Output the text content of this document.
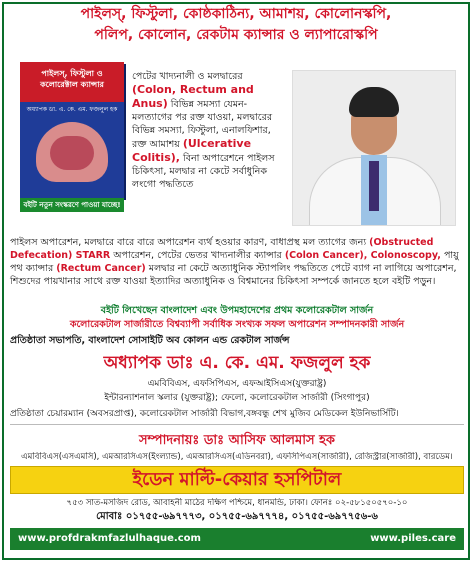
পাইলস্, ফিস্টুলা, কোষ্ঠকাঠিন্য, আমাশয়, কোলোনস্কপি,
পলিপ, কোলোন, রেকটাম ক্যান্সার ও ল্যাপারোস্কপি
পাইলস্, ফিস্টুলা ও কলোরেক্টাল ক্যান্সার
অধ্যাপক ডা. এ. কে. এম. ফজলুল হক
বইটি নতুন সংস্করণে পাওয়া যাচ্ছে!
পেটের খাদ্যনালী ও মলদ্বারের (Colon, Rectum and Anus) বিভিন্ন সমস্যা যেমন- মলত্যাগের পর রক্ত যাওয়া, মলদ্বারের বিভিন্ন সমস্যা, ফিস্টুলা, এনালফিশার, রক্ত আমাশয় (Ulcerative Colitis), বিনা অপারেশনে পাইলস চিকিৎসা, মলদ্বার না কেটে সর্বাধুনিক লংগো পদ্ধতিতে
পাইলস অপারেশন, মলদ্বারে বারে বারে অপারেশন ব্যর্থ হওয়ার কারণ, বাধাপ্রস্থ মল ত্যাগের জন্য (Obstructed Defecation) STARR অপারেশন, পেটের ভেতর খাদ্যনালীর ক্যান্সার (Colon Cancer), Colonoscopy, পায়ু পথ ক্যান্সার (Rectum Cancer) মলদ্বার না কেটে অত্যাধুনিক স্ট্যাপলিং পদ্ধতিতে পেটে ব্যাগ না লাগিয়ে অপারেশন, শিশুদের পায়খানার সাথে রক্ত যাওয়া ইত্যাদির অত্যাধুনিক ও বিশ্বমানের চিকিৎসা সম্পর্কে জানতে হলে বইটি পড়ুন।
বইটি লিখেছেন বাংলাদেশ এবং উপমহাদেশের প্রথম কলোরেকটাল সার্জন
কলোরেকটাল সার্জারীতে বিশ্বব্যাপী সর্বাধিক সংখ্যক সফল অপারেশন সম্পাদনকারী সার্জন
প্রতিষ্ঠাতা সভাপতি, বাংলাদেশ সোসাইটি অব কোলন এন্ড রেকটাল সার্জন্স
অধ্যাপক ডাঃ এ. কে. এম. ফজলুল হক
এমবিবিএস, এফসিপিএস, এফআইসিএস(যুক্তরাষ্ট্র)
ইন্টারন্যাশনাল স্কলার (যুক্তরাষ্ট্র); ফেলো, কলোরেকটাল সার্জারী (সিংগাপুর)
প্রতিষ্ঠাতা চেয়ারম্যান (অবসরপ্রাপ্ত), কলোরেকটাল সার্জারী বিভাগ,বঙ্গবন্ধু শেখ মুজিব মেডিকেল ইউনিভার্সিটি।
সম্পাদনায়ঃ ডাঃ আসিফ আলমাস হক
এমবিবিএস(এসএমসি), এমআরসিএস(ইংল্যান্ড), এমআরসিএস(এডিনবরা), এফসিপিএস(সার্জারী), রেজিস্ট্রার(সার্জারী), বারডেম।
ইডেন মাল্টি-কেয়ার হসপিটাল
৭৫৩ সাত-মসজিদ রোড, আবাহনী মাঠের দক্ষিণ পশ্চিমে, ধানমন্ডি, ঢাকা। ফোনঃ ০২-৫৮১৫০৫৭০-১০
মোবাঃ ০১৭৫৫-৬৯৭৭৭৩, ০১৭৫৫-৬৯৭৭৭৪, ০১৭৫৫-৬৯৭৭৫৬-৬
www.profdrakmfazlulhaque.com	www.piles.care
